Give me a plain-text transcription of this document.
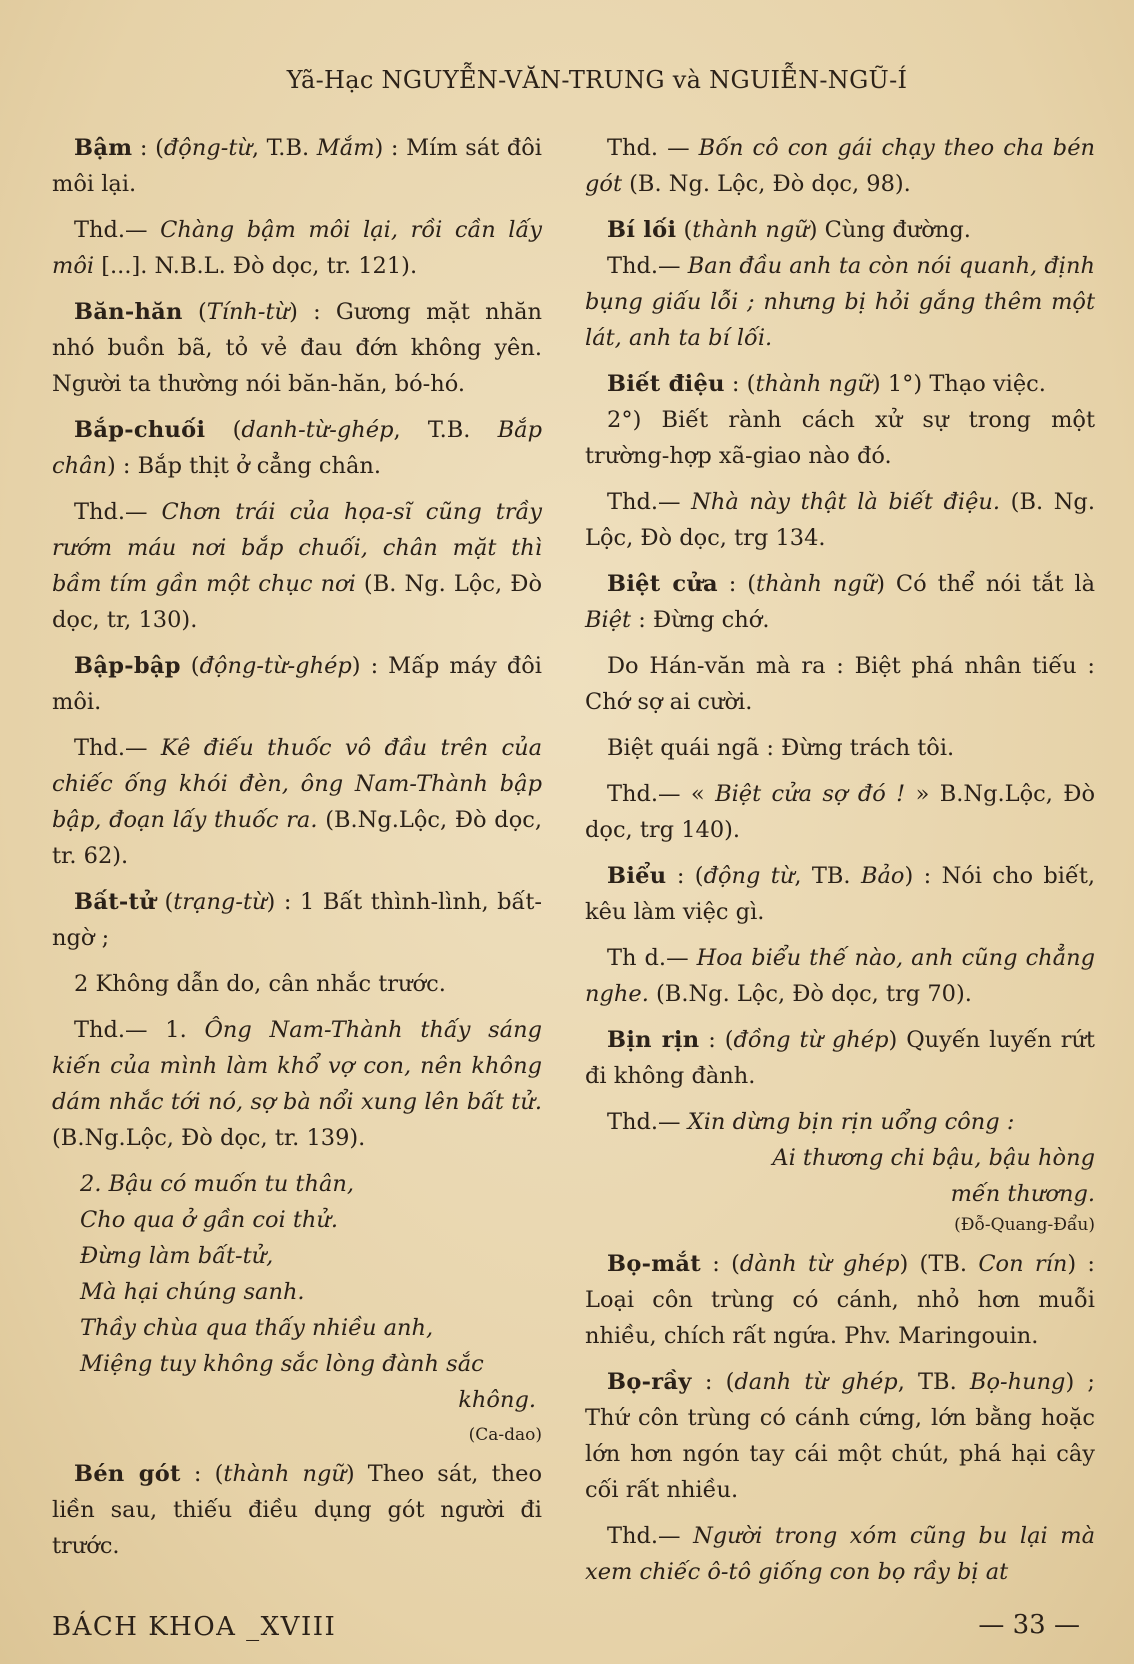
Yã-Hạc NGUYỄN-VĂN-TRUNG và NGUIỄN-NGŨ-Í

Bậm : (động-từ, T.B. Mắm) : Mím sát đôi môi lại.

Thd.— Chàng bậm môi lại, rồi cần lấy môi [...]. N.B.L. Đò dọc, tr. 121).

Băn-hăn (Tính-từ) : Gương mặt nhăn nhó buồn bã, tỏ vẻ đau đớn không yên. Người ta thường nói băn-hăn, bó-hó.

Bắp-chuối (danh-từ-ghép, T.B. Bắp chân) : Bắp thịt ở cẳng chân.

Thd.— Chơn trái của họa-sĩ cũng trầy rướm máu nơi bắp chuối, chân mặt thì bầm tím gần một chục nơi (B. Ng. Lộc, Đò dọc, tr, 130).

Bập-bập (động-từ-ghép) : Mấp máy đôi môi.

Thd.— Kê điếu thuốc vô đầu trên của chiếc ống khói đèn, ông Nam-Thành bập bập, đoạn lấy thuốc ra. (B.Ng.Lộc, Đò dọc, tr. 62).

Bất-tử (trạng-từ) : 1 Bất thình-lình, bất-ngờ ;

2 Không dẫn do, cân nhắc trước.

Thd.— 1. Ông Nam-Thành thấy sáng kiến của mình làm khổ vợ con, nên không dám nhắc tới nó, sợ bà nổi xung lên bất tử. (B.Ng.Lộc, Đò dọc, tr. 139).

2. Bậu có muốn tu thân,
Cho qua ở gần coi thử.
Đừng làm bất-tử,
Mà hại chúng sanh.
Thầy chùa qua thấy nhiều anh,
Miệng tuy không sắc lòng đành sắc
không.
(Ca-dao)

Bén gót : (thành ngữ) Theo sát, theo liền sau, thiếu điều dụng gót người đi trước.

Thd. — Bốn cô con gái chạy theo cha bén gót (B. Ng. Lộc, Đò dọc, 98).

Bí lối (thành ngữ) Cùng đường.

Thd.— Ban đầu anh ta còn nói quanh, định bụng giấu lỗi ; nhưng bị hỏi gắng thêm một lát, anh ta bí lối.

Biết điệu : (thành ngữ) 1°) Thạo việc.

2°) Biết rành cách xử sự trong một trường-hợp xã-giao nào đó.

Thd.— Nhà này thật là biết điệu. (B. Ng. Lộc, Đò dọc, trg 134.

Biệt cửa : (thành ngữ) Có thể nói tắt là Biệt : Đừng chớ.

Do Hán-văn mà ra : Biệt phá nhân tiếu : Chớ sợ ai cười.

Biệt quái ngã : Đừng trách tôi.

Thd.— « Biệt cửa sợ đó ! » B.Ng.Lộc, Đò dọc, trg 140).

Biểu : (động từ, TB. Bảo) : Nói cho biết, kêu làm việc gì.

Th d.— Hoa biểu thế nào, anh cũng chẳng nghe. (B.Ng. Lộc, Đò dọc, trg 70).

Bịn rịn : (đồng từ ghép) Quyến luyến rứt đi không đành.

Thd.— Xin dừng bịn rịn uổng công :

Ai thương chi bậu, bậu hòng
mến thương.
(Đỗ-Quang-Đẩu)

Bọ-mắt : (dành từ ghép) (TB. Con rín) : Loại côn trùng có cánh, nhỏ hơn muỗi nhiều, chích rất ngứa. Phv. Maringouin.

Bọ-rầy : (danh từ ghép, TB. Bọ-hung) ; Thứ côn trùng có cánh cứng, lớn bằng hoặc lớn hơn ngón tay cái một chút, phá hại cây cối rất nhiều.

Thd.— Người trong xóm cũng bu lại mà xem chiếc ô-tô giống con bọ rầy bị at

BÁCH KHOA _XVIII	— 33 —
